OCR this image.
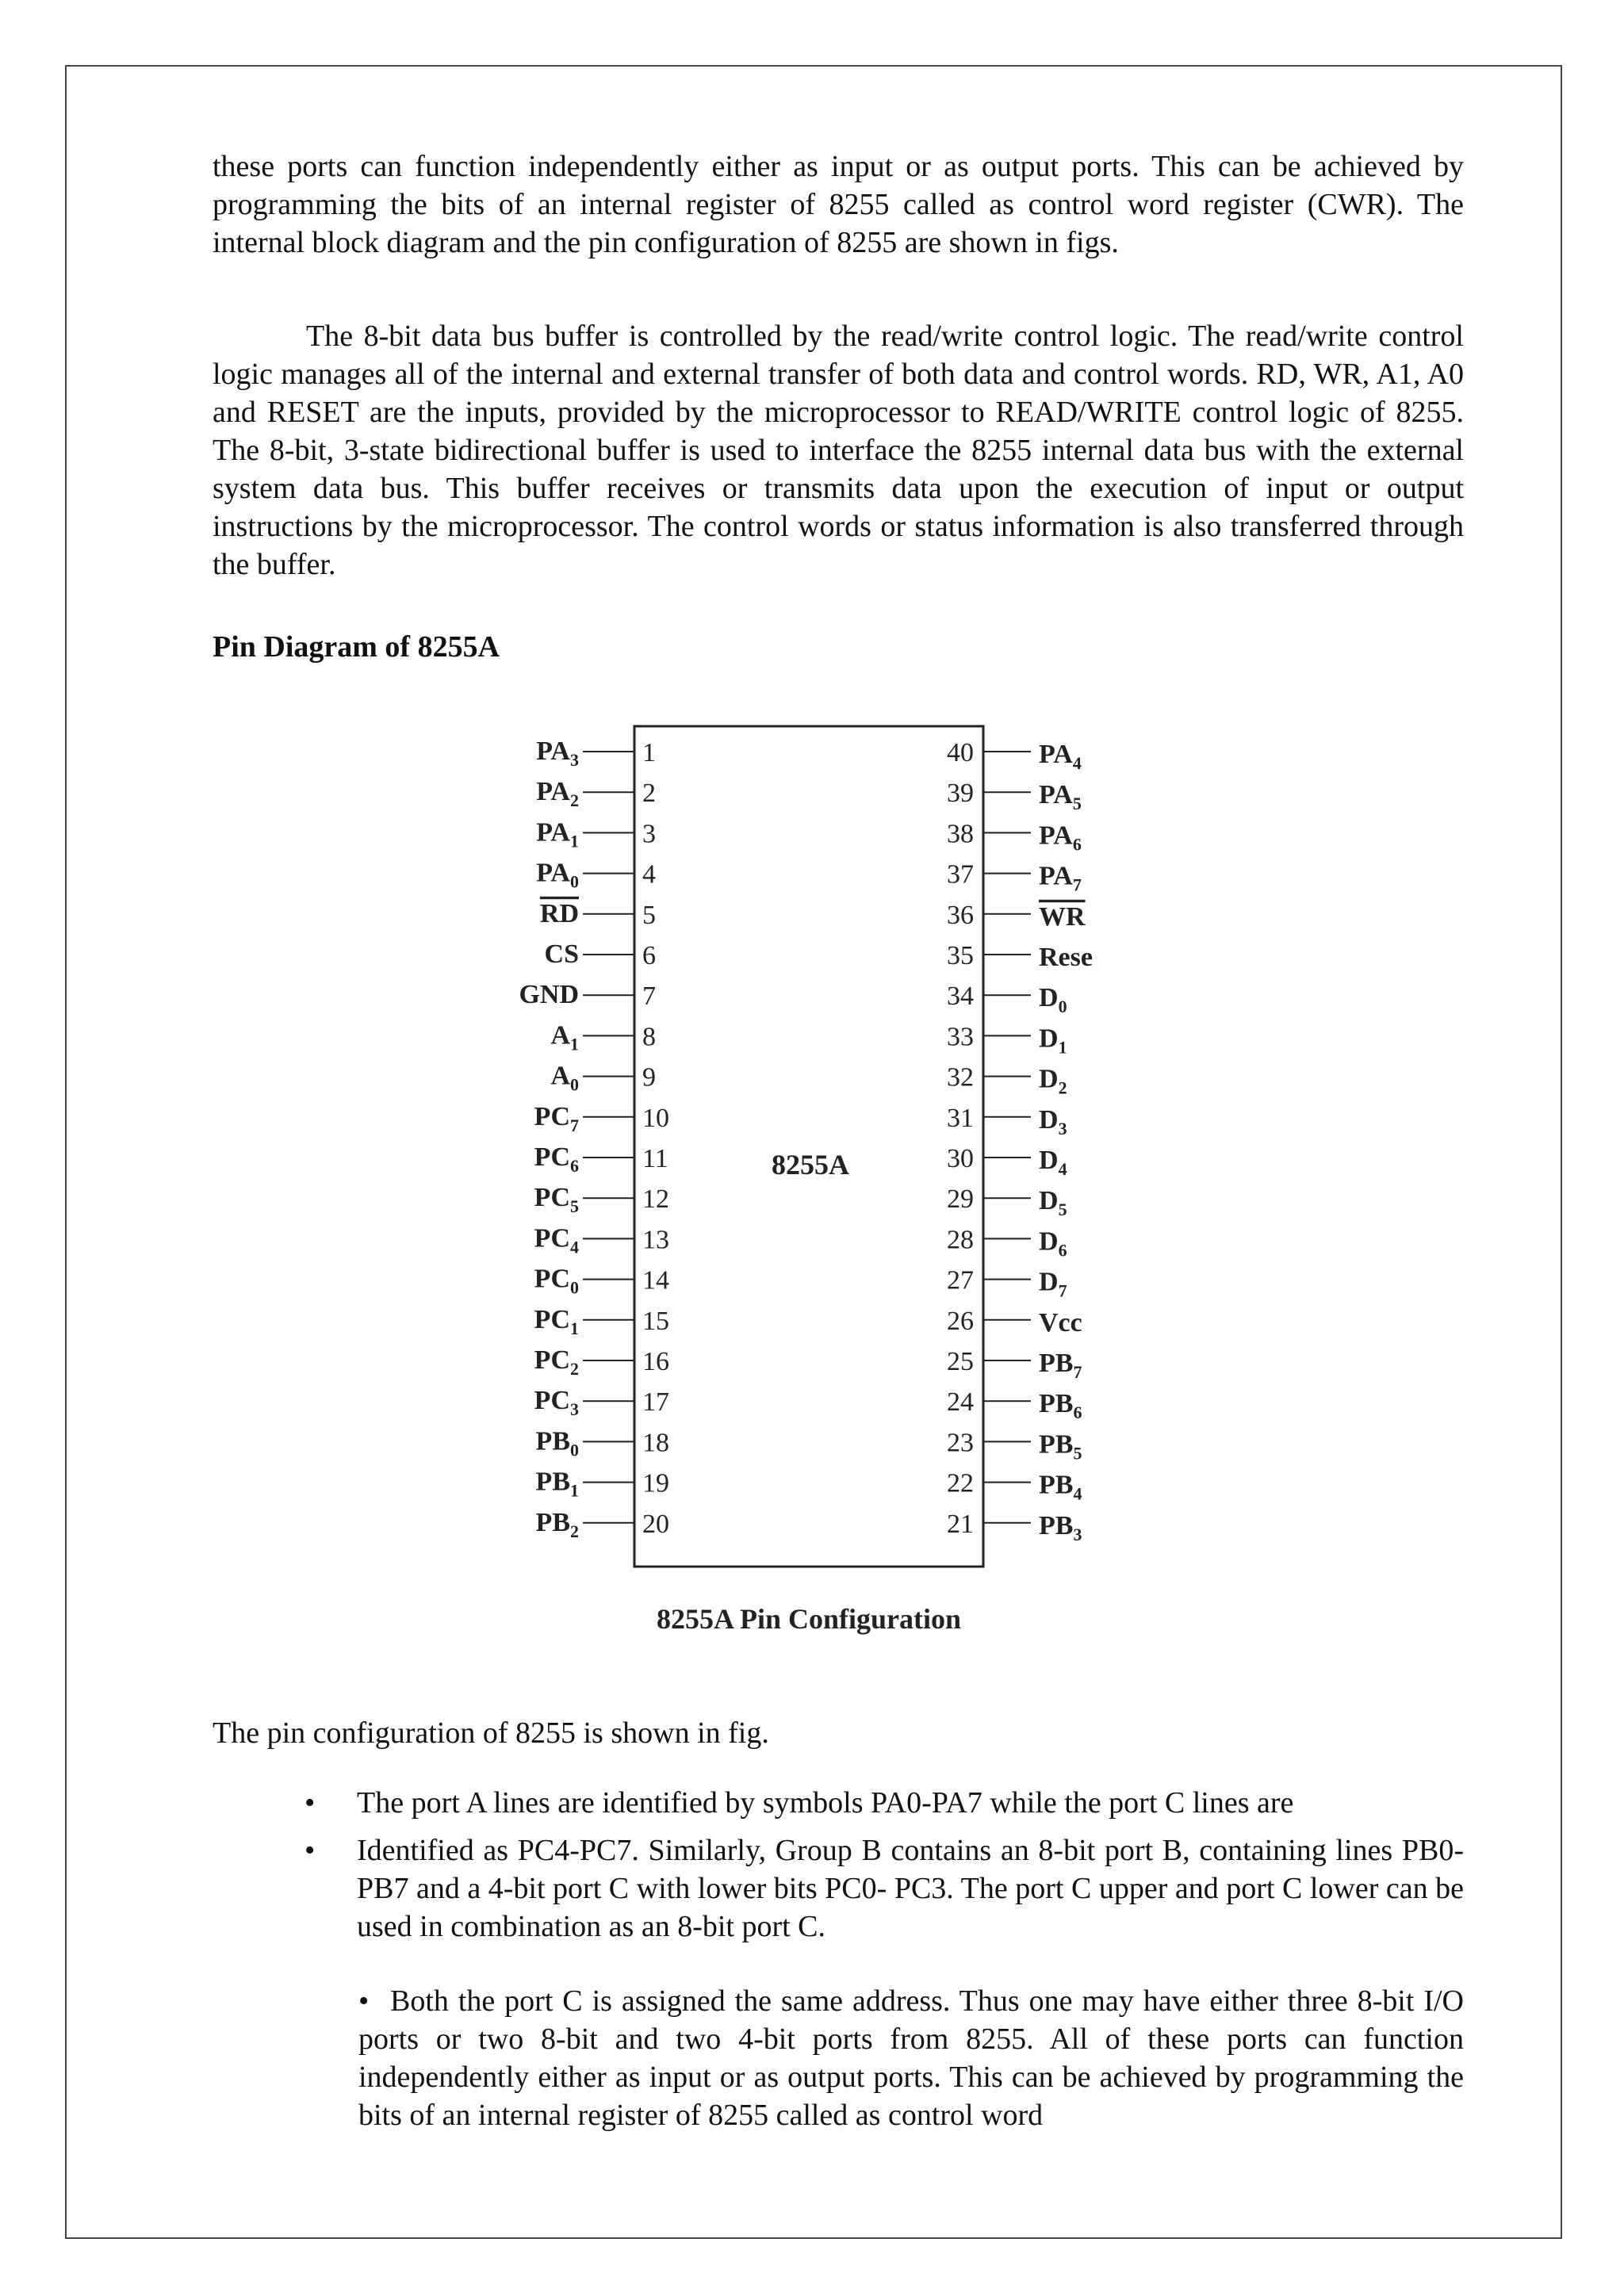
these ports can function independently either as input or as output ports. This can be achieved by programming the bits of an internal register of 8255 called as control word register (CWR). The internal block diagram and the pin configuration of 8255 are shown in figs.

The 8-bit data bus buffer is controlled by the read/write control logic. The read/write control logic manages all of the internal and external transfer of both data and control words. RD, WR, A1, A0 and RESET are the inputs, provided by the microprocessor to READ/WRITE control logic of 8255. The 8-bit, 3-state bidirectional buffer is used to interface the 8255 internal data bus with the external system data bus. This buffer receives or transmits data upon the execution of input or output instructions by the microprocessor. The control words or status information is also transferred through the buffer.

Pin Diagram of 8255A

1
$PA_3$
2
$PA_2$
3
$PA_1$
4
$PA_0$
5
RD
6
CS
7
GND
8
$A_1$
9
$A_0$
10
$PC_7$
11
$PC_6$
12
$PC_5$
13
$PC_4$
14
$PC_0$
15
$PC_1$
16
$PC_2$
17
$PC_3$
18
$PB_0$
19
$PB_1$
20
$PB_2$
40 $PA_4$
39 $PA_5$
38 $PA_6$
37 $PA_7$
36 WR
35 Rese
34 $D_0$
33 $D_1$
32 $D_2$
31 $D_3$
30 $D_4$
29 $D_5$
28 $D_6$
27 $D_7$
26 Vcc
25 $PB_7$
24 $PB_6$
23 $PB_5$
22 $PB_4$
21 $PB_3$
8255A
8255A Pin Configuration

The pin configuration of 8255 is shown in fig.

• The port A lines are identified by symbols PA0-PA7 while the port C lines are
• Identified as PC4-PC7. Similarly, Group B contains an 8-bit port B, containing lines PB0-PB7 and a 4-bit port C with lower bits PC0- PC3. The port C upper and port C lower can be used in combination as an 8-bit port C.

• Both the port C is assigned the same address. Thus one may have either three 8-bit I/O ports or two 8-bit and two 4-bit ports from 8255. All of these ports can function independently either as input or as output ports. This can be achieved by programming the bits of an internal register of 8255 called as control word
